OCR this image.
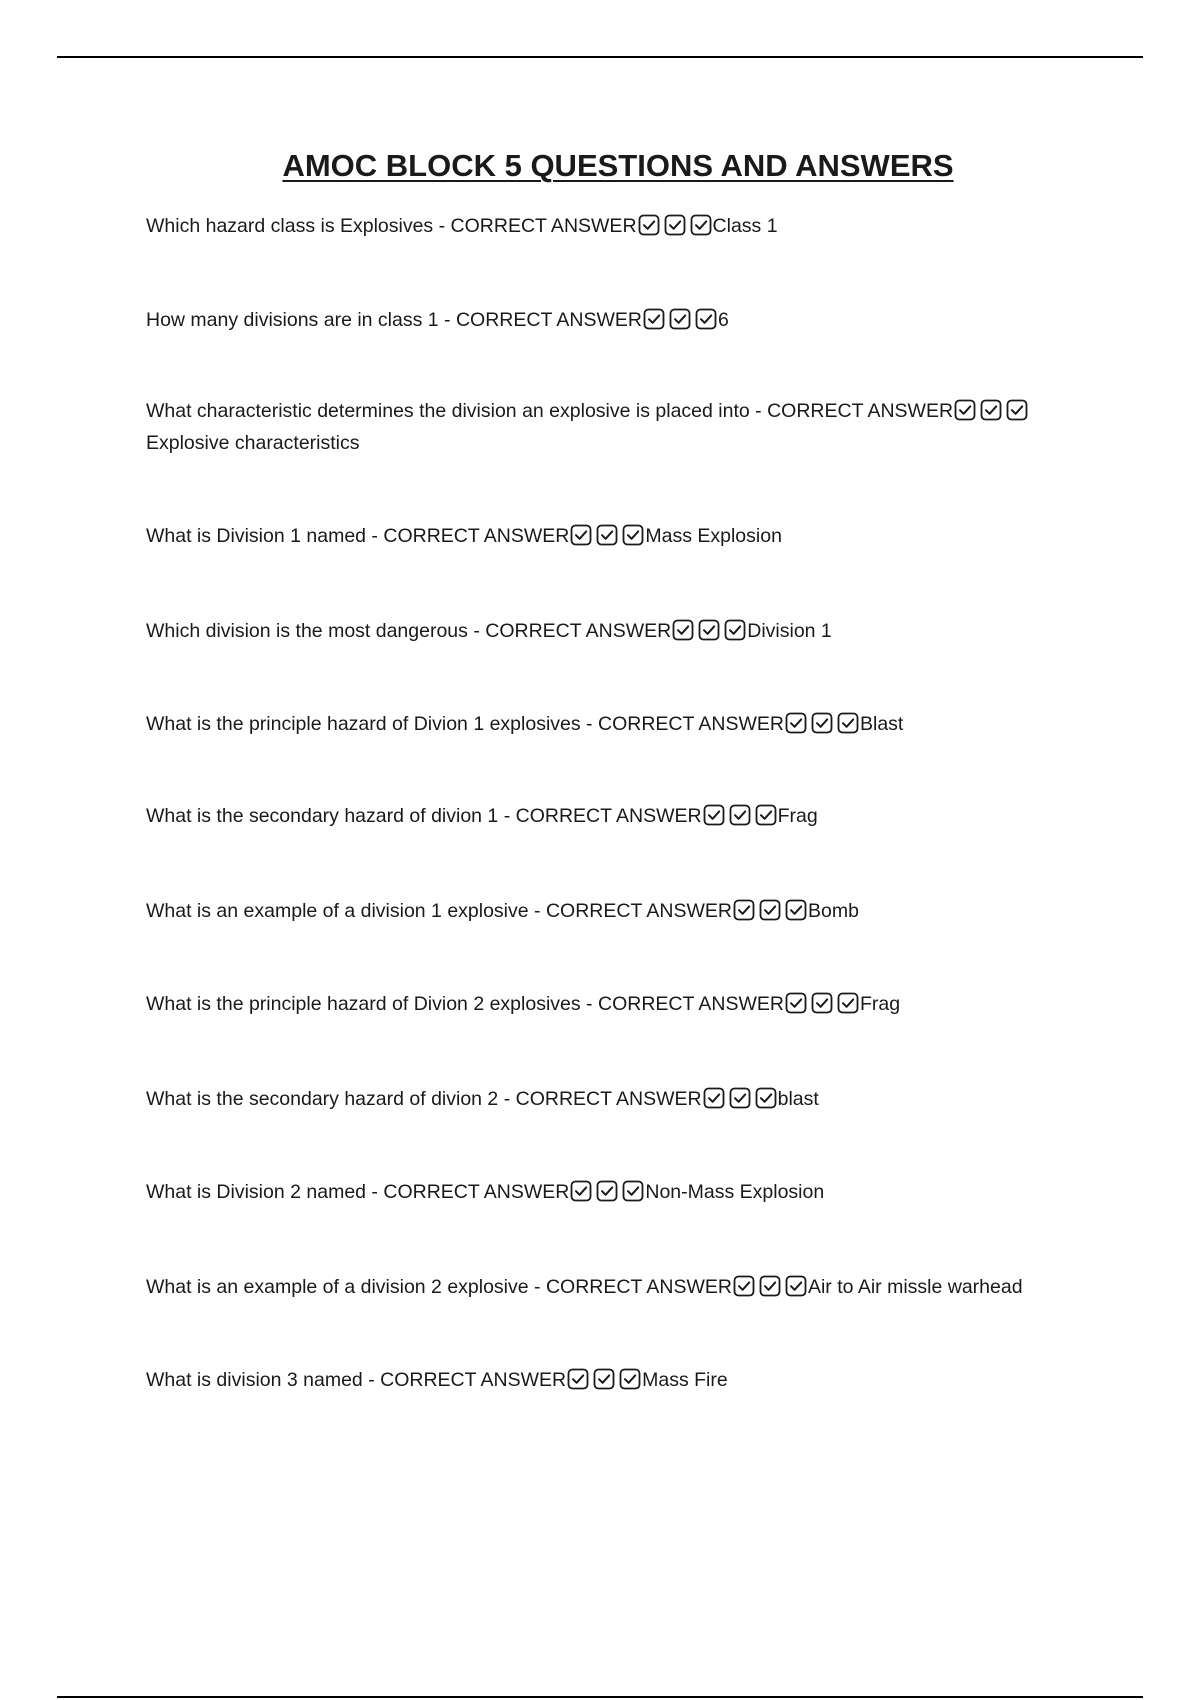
AMOC BLOCK 5 QUESTIONS AND ANSWERS
Which hazard class is Explosives - CORRECT ANSWER	Class 1
How many divisions are in class 1 - CORRECT ANSWER	6
What characteristic determines the division an explosive is placed into - CORRECT ANSWER
Explosive characteristics
What is Division 1 named - CORRECT ANSWER	Mass Explosion
Which division is the most dangerous - CORRECT ANSWER	Division 1
What is the principle hazard of Divion 1 explosives - CORRECT ANSWER	Blast
What is the secondary hazard of divion 1 - CORRECT ANSWER	Frag
What is an example of a division 1 explosive - CORRECT ANSWER	Bomb
What is the principle hazard of Divion 2 explosives - CORRECT ANSWER	Frag
What is the secondary hazard of divion 2 - CORRECT ANSWER	blast
What is Division 2 named - CORRECT ANSWER	Non-Mass Explosion
What is an example of a division 2 explosive - CORRECT ANSWER	Air to Air missle warhead
What is division 3 named - CORRECT ANSWER	Mass Fire
